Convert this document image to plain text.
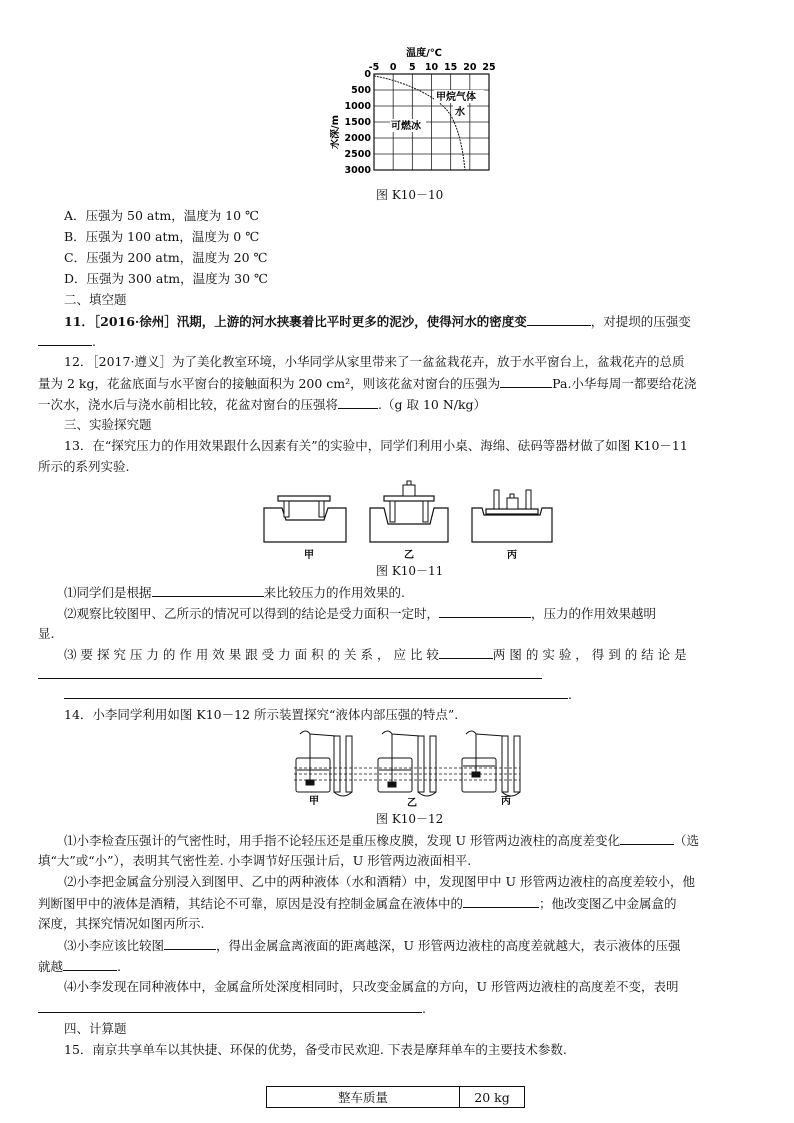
温度/℃
-5 0 5 10 15 20 25
0
500
1000
1500
2000
2500
3000
水深/m
甲烷气体
水
可燃冰
图 K10－10
A．压强为 50 atm，温度为 10 ℃
B．压强为 100 atm，温度为 0 ℃
C．压强为 200 atm，温度为 20 ℃
D．压强为 300 atm，温度为 30 ℃
二、填空题
11．［2016·徐州］汛期，上游的河水挟裹着比平时更多的泥沙，使得河水的密度变	，对提坝的压强变
.
12．［2017·遵义］为了美化教室环境，小华同学从家里带来了一盆盆栽花卉，放于水平窗台上，盆栽花卉的总质
量为 2 kg，花盆底面与水平窗台的接触面积为 200 cm²，则该花盆对窗台的压强为	Pa.小华每周一都要给花浇
一次水，浇水后与浇水前相比较，花盆对窗台的压强将	.（g 取 10 N/kg）
三、实验探究题
13．在“探究压力的作用效果跟什么因素有关”的实验中，同学们利用小桌、海绵、砝码等器材做了如图 K10－11
所示的系列实验.
甲	乙	丙
图 K10－11
⑴同学们是根据	来比较压力的作用效果的.
⑵观察比较图甲、乙所示的情况可以得到的结论是受力面积一定时，	，压力的作用效果越明
显.
⑶ 要 探 究 压 力 的 作 用 效 果 跟 受 力 面 积 的 关 系 ， 应 比 较	两 图 的 实 验 ， 得 到 的 结 论 是
.
14．小李同学利用如图 K10－12 所示装置探究“液体内部压强的特点”.
甲	乙	丙
图 K10－12
⑴小李检查压强计的气密性时，用手指不论轻压还是重压橡皮膜，发现 U 形管两边液柱的高度差变化	（选
填“大”或“小”），表明其气密性差. 小李调节好压强计后，U 形管两边液面相平.
⑵小李把金属盒分别浸入到图甲、乙中的两种液体（水和酒精）中，发现图甲中 U 形管两边液柱的高度差较小，他
判断图甲中的液体是酒精，其结论不可靠，原因是没有控制金属盒在液体中的	；他改变图乙中金属盒的
深度，其探究情况如图丙所示.
⑶小李应该比较图	，得出金属盒离液面的距离越深，U 形管两边液柱的高度差就越大，表示液体的压强
就越	.
⑷小李发现在同种液体中，金属盒所处深度相同时，只改变金属盒的方向，U 形管两边液柱的高度差不变，表明
.
四、计算题
15．南京共享单车以其快捷、环保的优势，备受市民欢迎. 下表是摩拜单车的主要技术参数.
整车质量	20 kg
